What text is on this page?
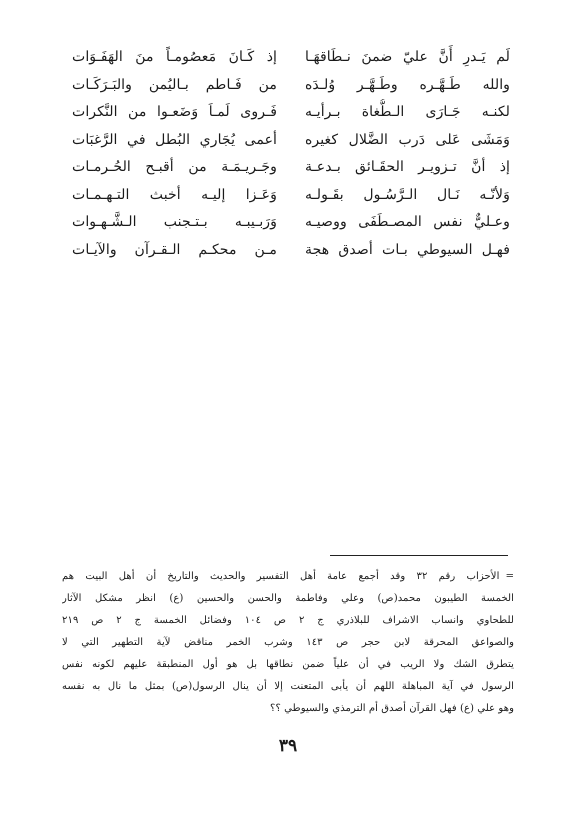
لَم يَـدرِ أَنَّ عليّ ضمنَ نـطَاقهَـا
إذ كَـانَ مَعصُومـاً منَ الهَفَـوَات
والله طَـهَّـره وطَـهَّـر وُلـدَه
من فَـاطم بـاليُمن والبَـرَكَـات
لكنـه جَـارَى الـطُّغاة بـرأيـه
فَـروى لَمـاَ وَضَعـوا من النَّكرات
وَمَشَى عَلى دَرب الضَّلال كغيره
أعمى يُجَاري البُطل في الرَّغبَات
إذ أنَّ تـزويـر الحقَـائق بـدعـة
وجَـريـمَـة من أقبـح الحُـرمـات
وَلأنّـه نَـال الـرَّسُـول بقَـولـه
وَعَـزا إليـه أخبث التـهـمـات
وعـليٌّ نفس المصـطَفَى ووصيـه
وَرَبـيبـه بـتـجنب الـشَّـهـوات
فهـل السيوطي بـات أصدق هجة
مـن محكـم الـقـرآن والآيـات
=الأحزاب رقم ٣٢ وقد أجمع عامة أهل التفسير والحديث والتاريخ أن أهل البيت هم
الخمسة الطيبون محمد(ص) وعلي وفاطمة والحسن والحسين (ع) انظر مشكل الآثار
للطحاوي وانساب الاشراف للبلاذري ج ٢ ص ١٠٤ وفضائل الخمسة ج ٢ ص ٢١٩
والصواعق المحرقة لابن حجر ص ١٤٣ وشرب الخمر مناقض لآية التطهير التي لا
يتطرق الشك ولا الريب في أن علياً ضمن نطاقها بل هو أول المنطبقة عليهم لكونه نفس
الرسول في آية المباهلة اللهم أن يأبى المتعنت إلا أن ينال الرسول(ص) بمثل ما نال به نفسه
وهو علي (ع) فهل القرآن أصدق أم الترمذي والسيوطي ؟؟
٣٩
